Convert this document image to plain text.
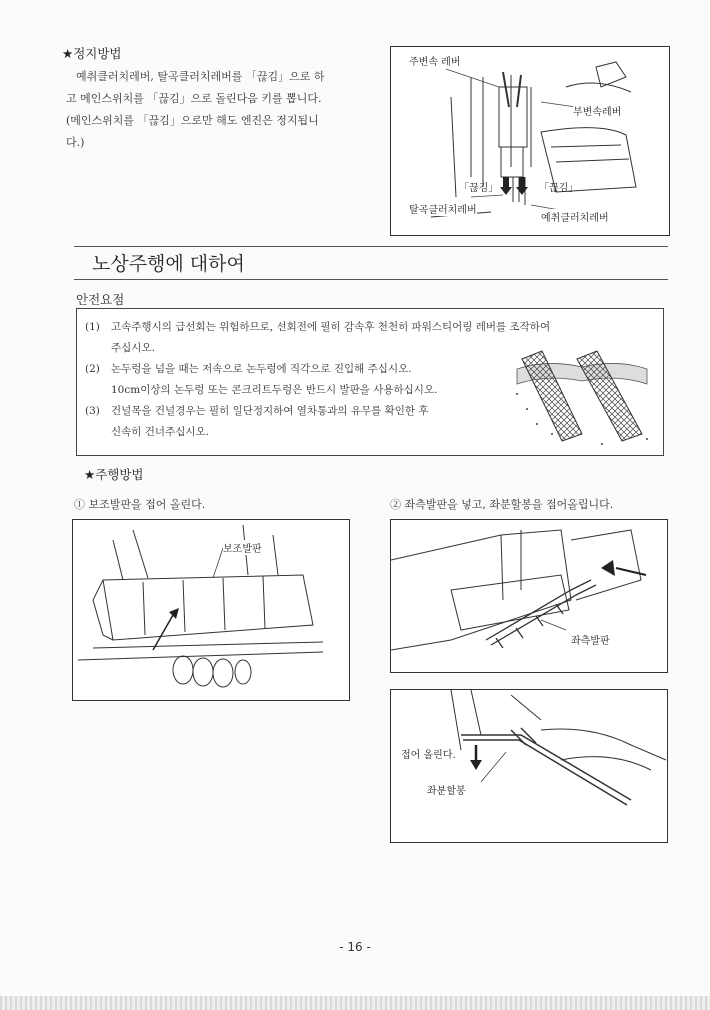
★정지방법
예취클러치레버, 탈곡클러치레버를 「끊김」으로 하
고 메인스위치를 「끊김」으로 돌린다음 키를 뽑니다.
(메인스위치를 「끊김」으로만 해도 엔진은 정지됩니
다.)
주변속 레버
부변속레버
「끊김」	「끊김」
탈곡클러치레버
예취클러치레버
노상주행에 대하여
안전요점
(1) 고속주행시의 급선회는 위험하므로, 선회전에 필히 감속후 천천히 파워스티어링 레버를 조작하여
주십시오.
(2) 논두렁을 넘을 때는 저속으로 논두렁에 직각으로 진입해 주십시오.
10cm이상의 논두렁 또는 콘크리트두렁은 반드시 발판을 사용하십시오.
(3) 건널목을 건널경우는 필히 일단정지하여 열차통과의 유무를 확인한 후
신속히 건너주십시오.
★주행방법
① 보조발판을 접어 올린다.	② 좌측발판을 넣고, 좌분할봉을 접어올립니다.
보조발판
좌측발판
접어 올린다.
좌분할봉
- 16 -
